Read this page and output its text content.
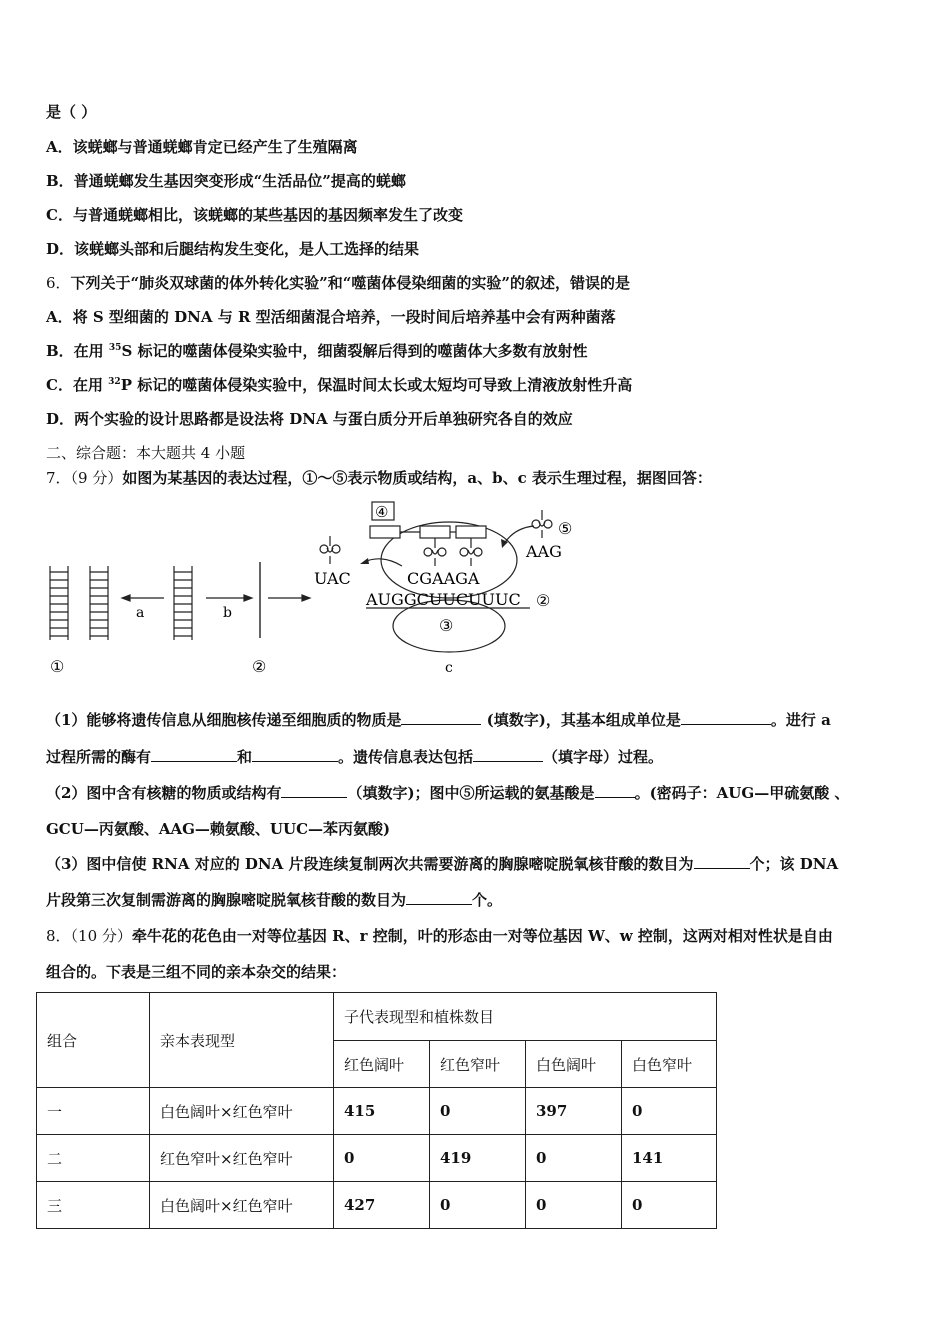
是（ ）
A．该蜣螂与普通蜣螂肯定已经产生了生殖隔离
B．普通蜣螂发生基因突变形成“生活品位”提高的蜣螂
C．与普通蜣螂相比，该蜣螂的某些基因的基因频率发生了改变
D．该蜣螂头部和后腿结构发生变化，是人工选择的结果
6．下列关于“肺炎双球菌的体外转化实验”和“噬菌体侵染细菌的实验”的叙述，错误的是
A．将 S 型细菌的 DNA 与 R 型活细菌混合培养，一段时间后培养基中会有两种菌落
B．在用 $^{35}$S 标记的噬菌体侵染实验中，细菌裂解后得到的噬菌体大多数有放射性
C．在用 $^{32}$P 标记的噬菌体侵染实验中，保温时间太长或太短均可导致上清液放射性升高
D．两个实验的设计思路都是设法将 DNA 与蛋白质分开后单独研究各自的效应
二、综合题：本大题共 4 小题
7．（9 分）如图为某基因的表达过程，①～⑤表示物质或结构，a、b、c 表示生理过程，据图回答：
a	b
①	②
③
④
UAC
⑤
AAG
CGAAGA
AUGGCUUCUUUC ②
c
（1）能够将遗传信息从细胞核传递至细胞质的物质是	(填数字)，其基本组成单位是	。进行 a
过程所需的酶有	和	。遗传信息表达包括	（填字母）过程。
（2）图中含有核糖的物质或结构有	（填数字)；图中⑤所运载的氨基酸是	。(密码子：AUG—甲硫氨酸 、
GCU—丙氨酸、AAG—赖氨酸、UUC—苯丙氨酸)
（3）图中信使 RNA 对应的 DNA 片段连续复制两次共需要游离的胸腺嘧啶脱氧核苷酸的数目为	个；该 DNA
片段第三次复制需游离的胸腺嘧啶脱氧核苷酸的数目为	个。
8．（10 分）牵牛花的花色由一对等位基因 R、r 控制，叶的形态由一对等位基因 W、w 控制，这两对相对性状是自由
组合的。下表是三组不同的亲本杂交的结果：
组合	亲本表现型	子代表现型和植株数目			
		红色阔叶	红色窄叶	白色阔叶	白色窄叶
一	白色阔叶×红色窄叶	415	0	397	0
二	红色窄叶×红色窄叶	0	419	0	141
三	白色阔叶×红色窄叶	427	0	0	0
